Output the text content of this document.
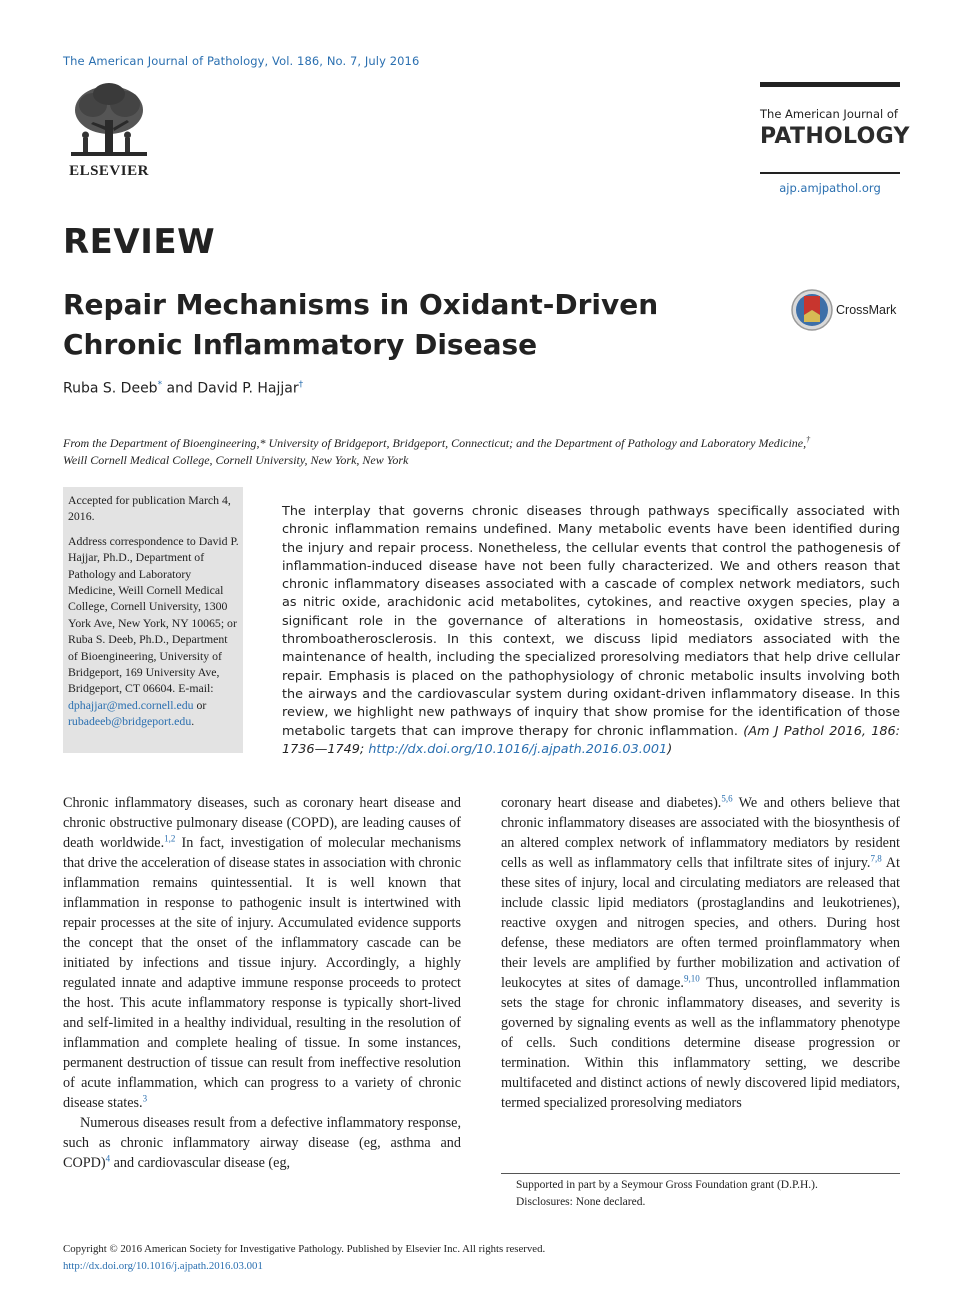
The American Journal of Pathology, Vol. 186, No. 7, July 2016
ELSEVIER
The American Journal of
PATHOLOGY
ajp.amjpathol.org
REVIEW
Repair Mechanisms in Oxidant-Driven Chronic Inflammatory Disease
CrossMark
Ruba S. Deeb* and David P. Hajjar†
From the Department of Bioengineering,* University of Bridgeport, Bridgeport, Connecticut; and the Department of Pathology and Laboratory Medicine,†
Weill Cornell Medical College, Cornell University, New York, New York

Accepted for publication March 4, 2016.

Address correspondence to David P. Hajjar, Ph.D., Department of Pathology and Laboratory Medicine, Weill Cornell Medical College, Cornell University, 1300 York Ave, New York, NY 10065; or Ruba S. Deeb, Ph.D., Department of Bioengineering, University of Bridgeport, 169 University Ave, Bridgeport, CT 06604. E-mail: dphajjar@med.cornell.edu or rubadeeb@bridgeport.edu.

The interplay that governs chronic diseases through pathways specifically associated with chronic inflammation remains undefined. Many metabolic events have been identified during the injury and repair process. Nonetheless, the cellular events that control the pathogenesis of inflammation-induced disease have not been fully characterized. We and others reason that chronic inflammatory diseases associated with a cascade of complex network mediators, such as nitric oxide, arachidonic acid metabolites, cytokines, and reactive oxygen species, play a significant role in the governance of alterations in homeostasis, oxidative stress, and thromboatherosclerosis. In this context, we discuss lipid mediators associated with the maintenance of health, including the specialized proresolving mediators that help drive cellular repair. Emphasis is placed on the pathophysiology of chronic metabolic insults involving both the airways and the cardiovascular system during oxidant-driven inflammatory disease. In this review, we highlight new pathways of inquiry that show promise for the identification of those metabolic targets that can improve therapy for chronic inflammation. (Am J Pathol 2016, 186: 1736—1749; http://dx.doi.org/10.1016/j.ajpath.2016.03.001)

Chronic inflammatory diseases, such as coronary heart disease and chronic obstructive pulmonary disease (COPD), are leading causes of death worldwide.$^{1,2}$ In fact, investigation of molecular mechanisms that drive the acceleration of disease states in association with chronic inflammation remains quintessential. It is well known that inflammation in response to pathogenic insult is intertwined with repair processes at the site of injury. Accumulated evidence supports the concept that the onset of the inflammatory cascade can be initiated by infections and tissue injury. Accordingly, a highly regulated innate and adaptive immune response proceeds to protect the host. This acute inflammatory response is typically short-lived and self-limited in a healthy individual, resulting in the resolution of inflammation and complete healing of tissue. In some instances, permanent destruction of tissue can result from ineffective resolution of acute inflammation, which can progress to a variety of chronic disease states.$^3$

Numerous diseases result from a defective inflammatory response, such as chronic inflammatory airway disease (eg, asthma and COPD)$^4$ and cardiovascular disease (eg,

coronary heart disease and diabetes).$^{5,6}$ We and others believe that chronic inflammatory diseases are associated with the biosynthesis of an altered complex network of inflammatory mediators by resident cells as well as inflammatory cells that infiltrate sites of injury.$^{7,8}$ At these sites of injury, local and circulating mediators are released that include classic lipid mediators (prostaglandins and leukotrienes), reactive oxygen and nitrogen species, and others. During host defense, these mediators are often termed proinflammatory when their levels are amplified by further mobilization and activation of leukocytes at sites of damage.$^{9,10}$ Thus, uncontrolled inflammation sets the stage for chronic inflammatory diseases, and severity is governed by signaling events as well as the inflammatory phenotype of cells. Such conditions determine disease progression or termination. Within this inflammatory setting, we describe multifaceted and distinct actions of newly discovered lipid mediators, termed specialized proresolving mediators

Supported in part by a Seymour Gross Foundation grant (D.P.H.).

Disclosures: None declared.

Copyright © 2016 American Society for Investigative Pathology. Published by Elsevier Inc. All rights reserved.
http://dx.doi.org/10.1016/j.ajpath.2016.03.001
